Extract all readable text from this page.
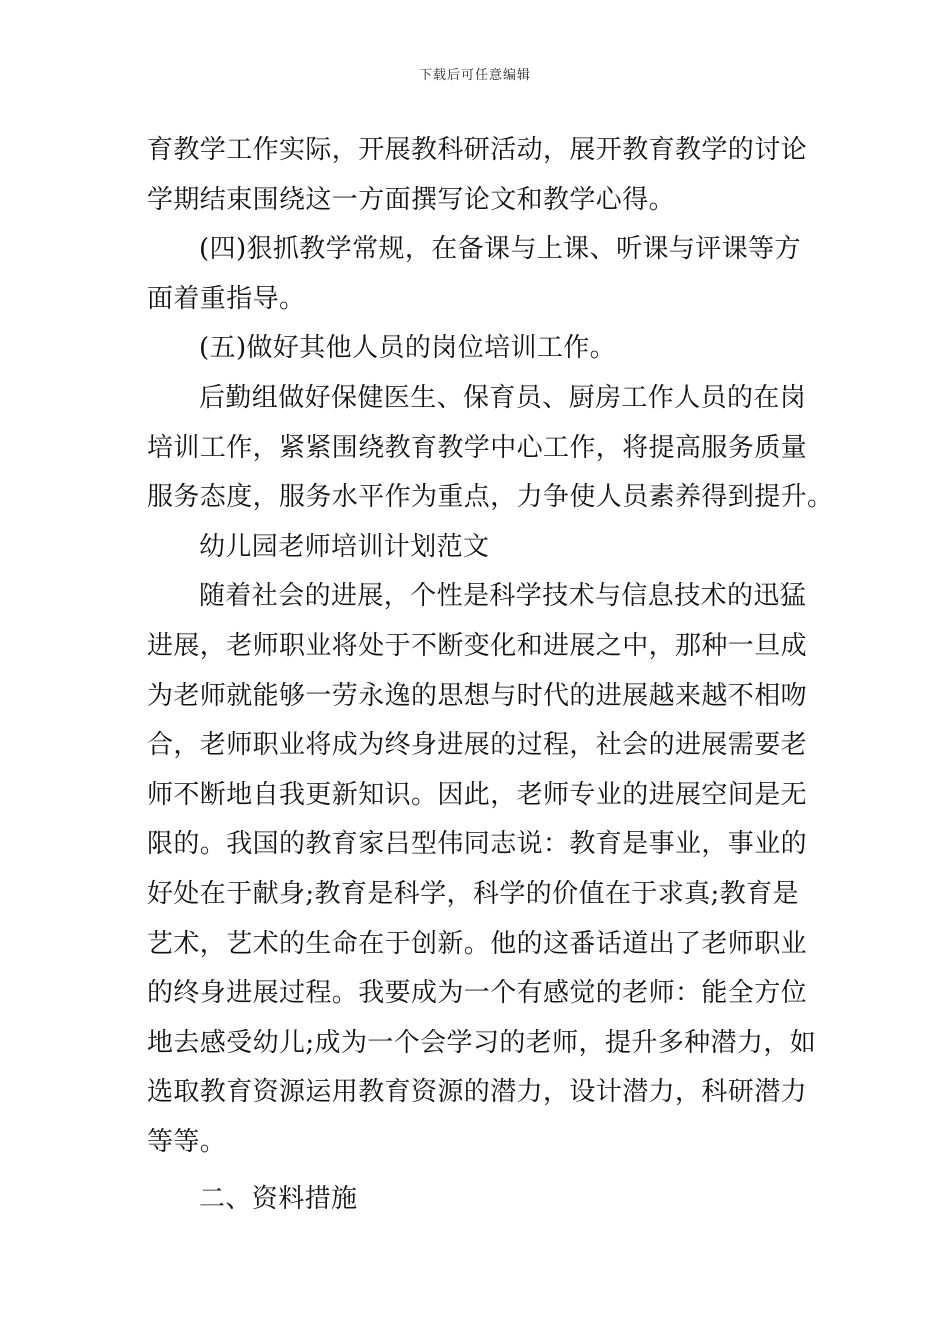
下载后可任意编辑
育教学工作实际，开展教科研活动，展开教育教学的讨论
学期结束围绕这一方面撰写论文和教学心得。
(四)狠抓教学常规，在备课与上课、听课与评课等方
面着重指导。
(五)做好其他人员的岗位培训工作。
后勤组做好保健医生、保育员、厨房工作人员的在岗
培训工作，紧紧围绕教育教学中心工作，将提高服务质量
服务态度，服务水平作为重点，力争使人员素养得到提升。
幼儿园老师培训计划范文
随着社会的进展，个性是科学技术与信息技术的迅猛
进展，老师职业将处于不断变化和进展之中，那种一旦成
为老师就能够一劳永逸的思想与时代的进展越来越不相吻
合，老师职业将成为终身进展的过程，社会的进展需要老
师不断地自我更新知识。因此，老师专业的进展空间是无
限的。我国的教育家吕型伟同志说：教育是事业，事业的
好处在于献身;教育是科学，科学的价值在于求真;教育是
艺术，艺术的生命在于创新。他的这番话道出了老师职业
的终身进展过程。我要成为一个有感觉的老师：能全方位
地去感受幼儿;成为一个会学习的老师，提升多种潜力，如
选取教育资源运用教育资源的潜力，设计潜力，科研潜力
等等。
二、资料措施
